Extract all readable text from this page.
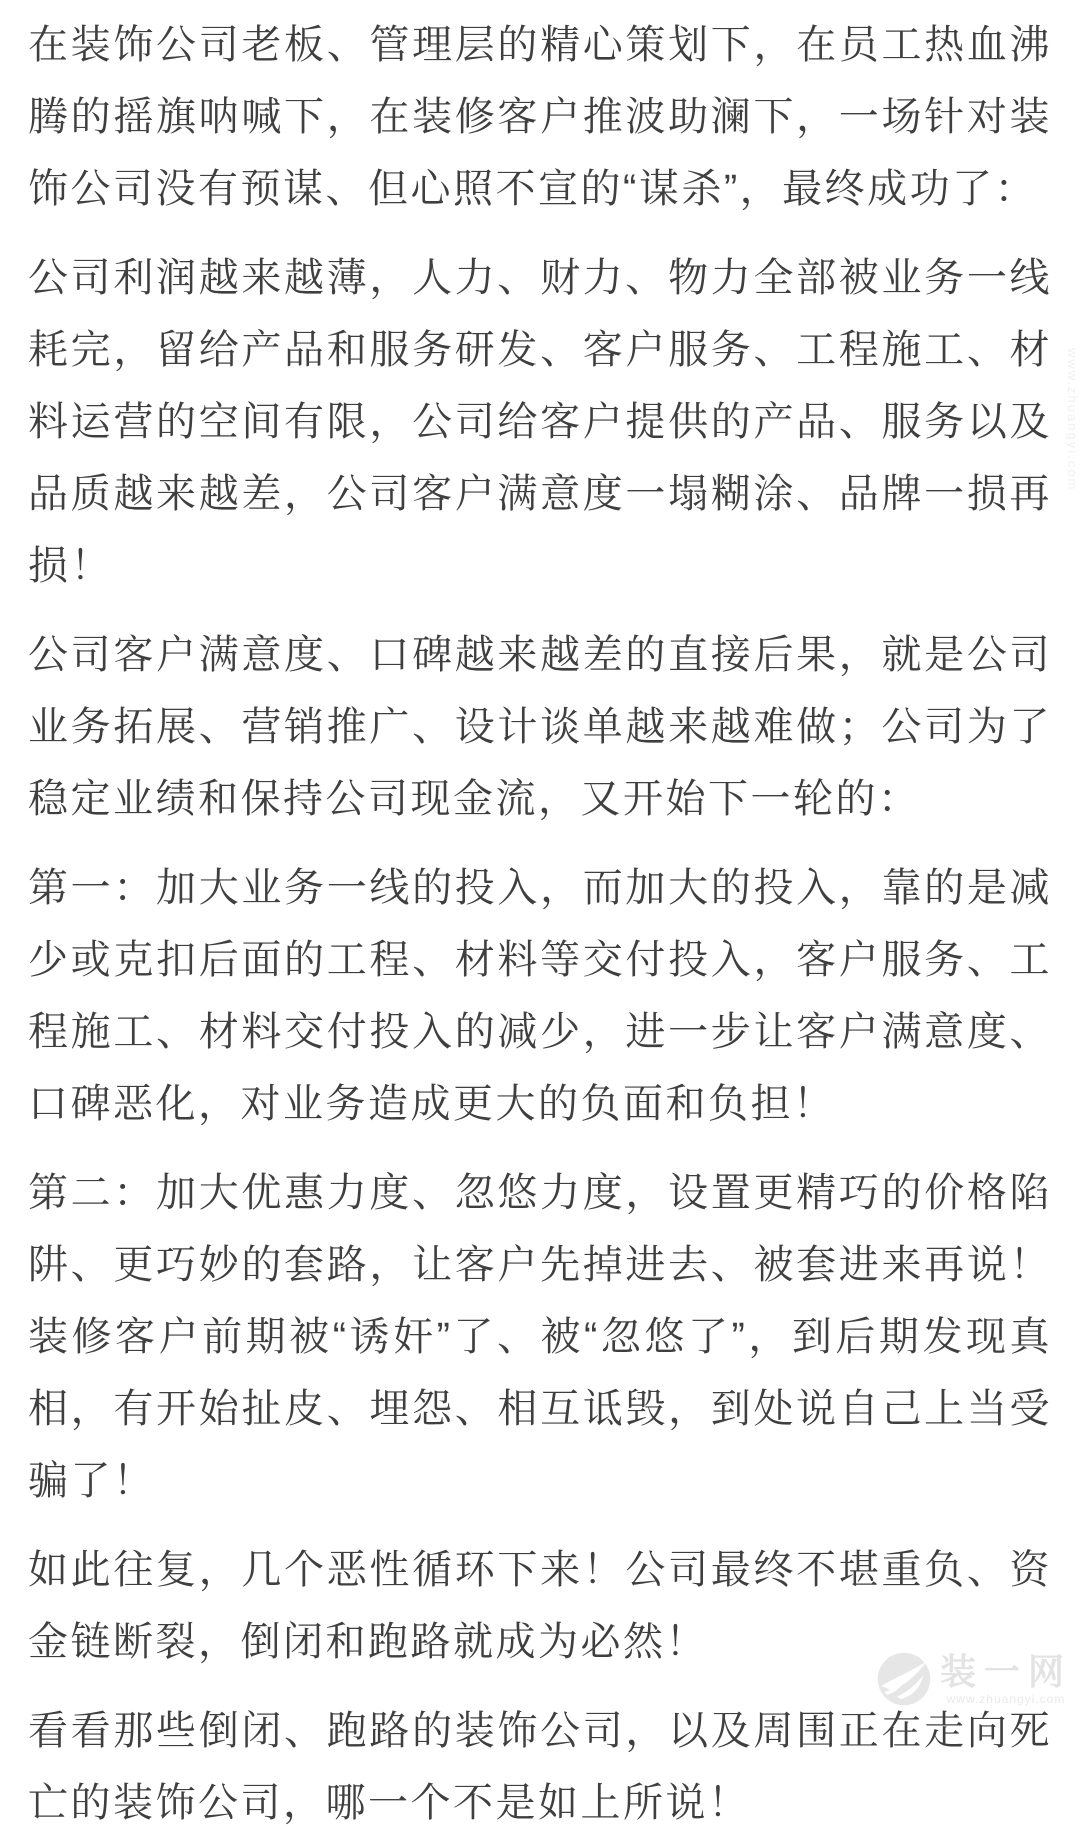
在装饰公司老板、管理层的精心策划下，在员工热血沸腾的摇旗呐喊下，在装修客户推波助澜下，一场针对装饰公司没有预谋、但心照不宣的“谋杀”，最终成功了：

公司利润越来越薄，人力、财力、物力全部被业务一线耗完，留给产品和服务研发、客户服务、工程施工、材料运营的空间有限，公司给客户提供的产品、服务以及品质越来越差，公司客户满意度一塌糊涂、品牌一损再损！

公司客户满意度、口碑越来越差的直接后果，就是公司业务拓展、营销推广、设计谈单越来越难做；公司为了稳定业绩和保持公司现金流，又开始下一轮的：

第一：加大业务一线的投入，而加大的投入，靠的是减少或克扣后面的工程、材料等交付投入，客户服务、工程施工、材料交付投入的减少，进一步让客户满意度、口碑恶化，对业务造成更大的负面和负担！

第二：加大优惠力度、忽悠力度，设置更精巧的价格陷阱、更巧妙的套路，让客户先掉进去、被套进来再说！装修客户前期被“诱奸”了、被“忽悠了”，到后期发现真相，有开始扯皮、埋怨、相互诋毁，到处说自己上当受骗了！

如此往复，几个恶性循环下来！公司最终不堪重负、资金链断裂，倒闭和跑路就成为必然！

看看那些倒闭、跑路的装饰公司，以及周围正在走向死亡的装饰公司，哪一个不是如上所说！

装一网
www.zhuangyi.com
www.zhuangyi.com
